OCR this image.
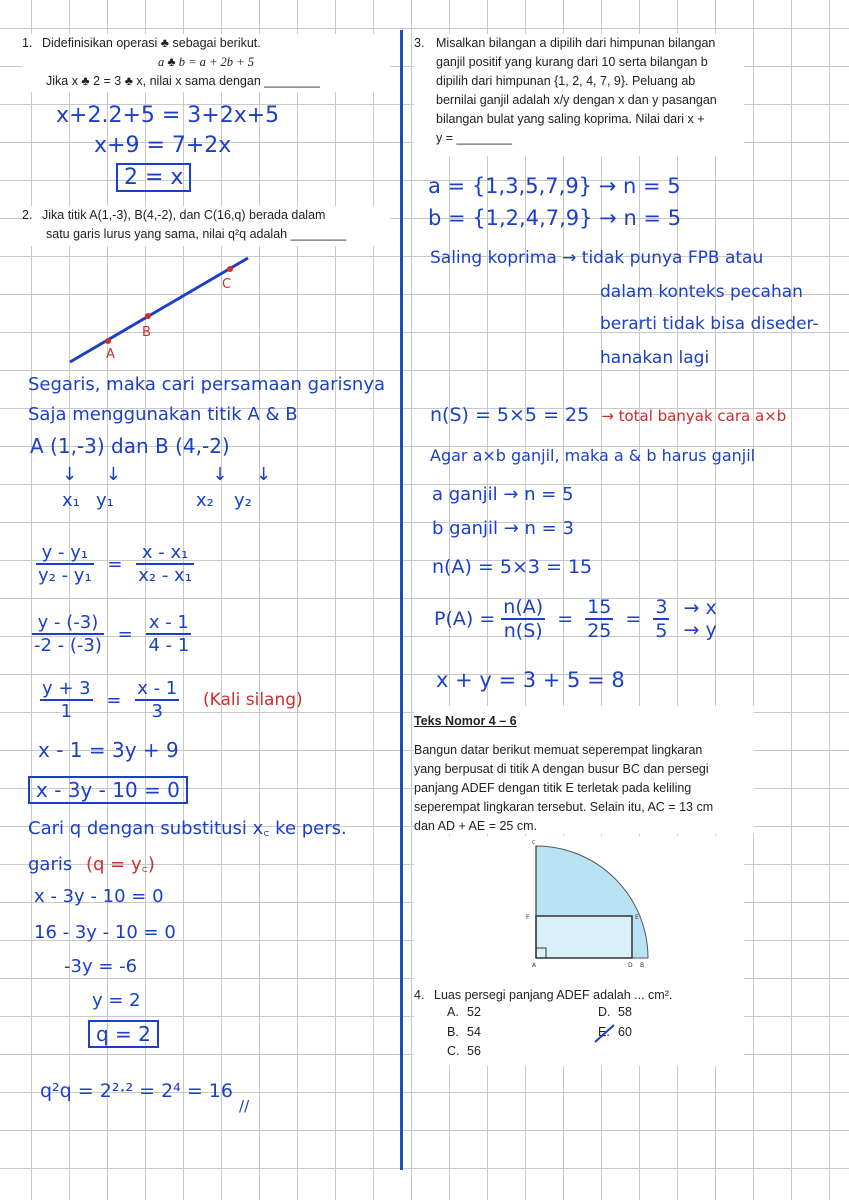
1. Didefinisikan operasi ♣ sebagai berikut.

a ♣ b = a + 2b + 5

Jika x ♣ 2 = 3 ♣ x, nilai x sama dengan ________

x+2.2+5 = 3+2x+5
x+9 = 7+2x
2 = x

2. Jika titik A(1,-3), B(4,-2), dan C(16,q) berada dalam

satu garis lurus yang sama, nilai q²q adalah ________

A
B
C
Segaris, maka cari persamaan garisnya
Saja menggunakan titik A & B
A (1,-3) dan B (4,-2)
↓     ↓                ↓     ↓
x₁ y₁	x₂ y₂
$\frac{\text{y - y₁}}{\text{y₂ - y₁}} = \frac{\text{x - x₁}}{\text{x₂ - x₁}}$
$\frac{y - (-3)}{-2 - (-3)} = \frac{x - 1}{4 - 1}$
$\frac{y + 3}{1} = \frac{x - 1}{3}$ (Kali silang)
x - 1 = 3y + 9
x - 3y - 10 = 0
Cari q dengan substitusi x꜀ ke pers.
garis (q = y꜀)
x - 3y - 10 = 0
16 - 3y - 10 = 0
-3y = -6
y = 2
q = 2
q²q = 2²·² = 2⁴ = 16 $_{//}$

3. Misalkan bilangan a dipilih dari himpunan bilangan

ganjil positif yang kurang dari 10 serta bilangan b

dipilih dari himpunan {1, 2, 4, 7, 9}. Peluang ab

bernilai ganjil adalah x/y dengan x dan y pasangan

bilangan bulat yang saling koprima. Nilai dari x +

y = ________

a = {1,3,5,7,9} → n = 5
b = {1,2,4,7,9} → n = 5
Saling koprima → tidak punya FPB atau
dalam konteks pecahan
berarti tidak bisa diseder-
hanakan lagi
n(S) = 5×5 = 25 → total banyak cara a×b
Agar a×b ganjil, maka a & b harus ganjil
a ganjil → n = 5
b ganjil → n = 3
n(A) = 5×3 = 15
$P(A) = \frac{n(A)}{n(S)} = \frac{15}{25} = \frac{3}{5}$
→ x
→ y
x + y = 3 + 5 = 8

Teks Nomor 4 – 6

Bangun datar berikut memuat seperempat lingkaran

yang berpusat di titik A dengan busur BC dan persegi

panjang ADEF dengan titik E terletak pada keliling

seperempat lingkaran tersebut. Selain itu, AC = 13 cm

dan AD + AE = 25 cm.

C
F	E
A	D B

4. Luas persegi panjang ADEF adalah ... cm².

A. 52
B. 54
C. 56
D. 58
E. 60
